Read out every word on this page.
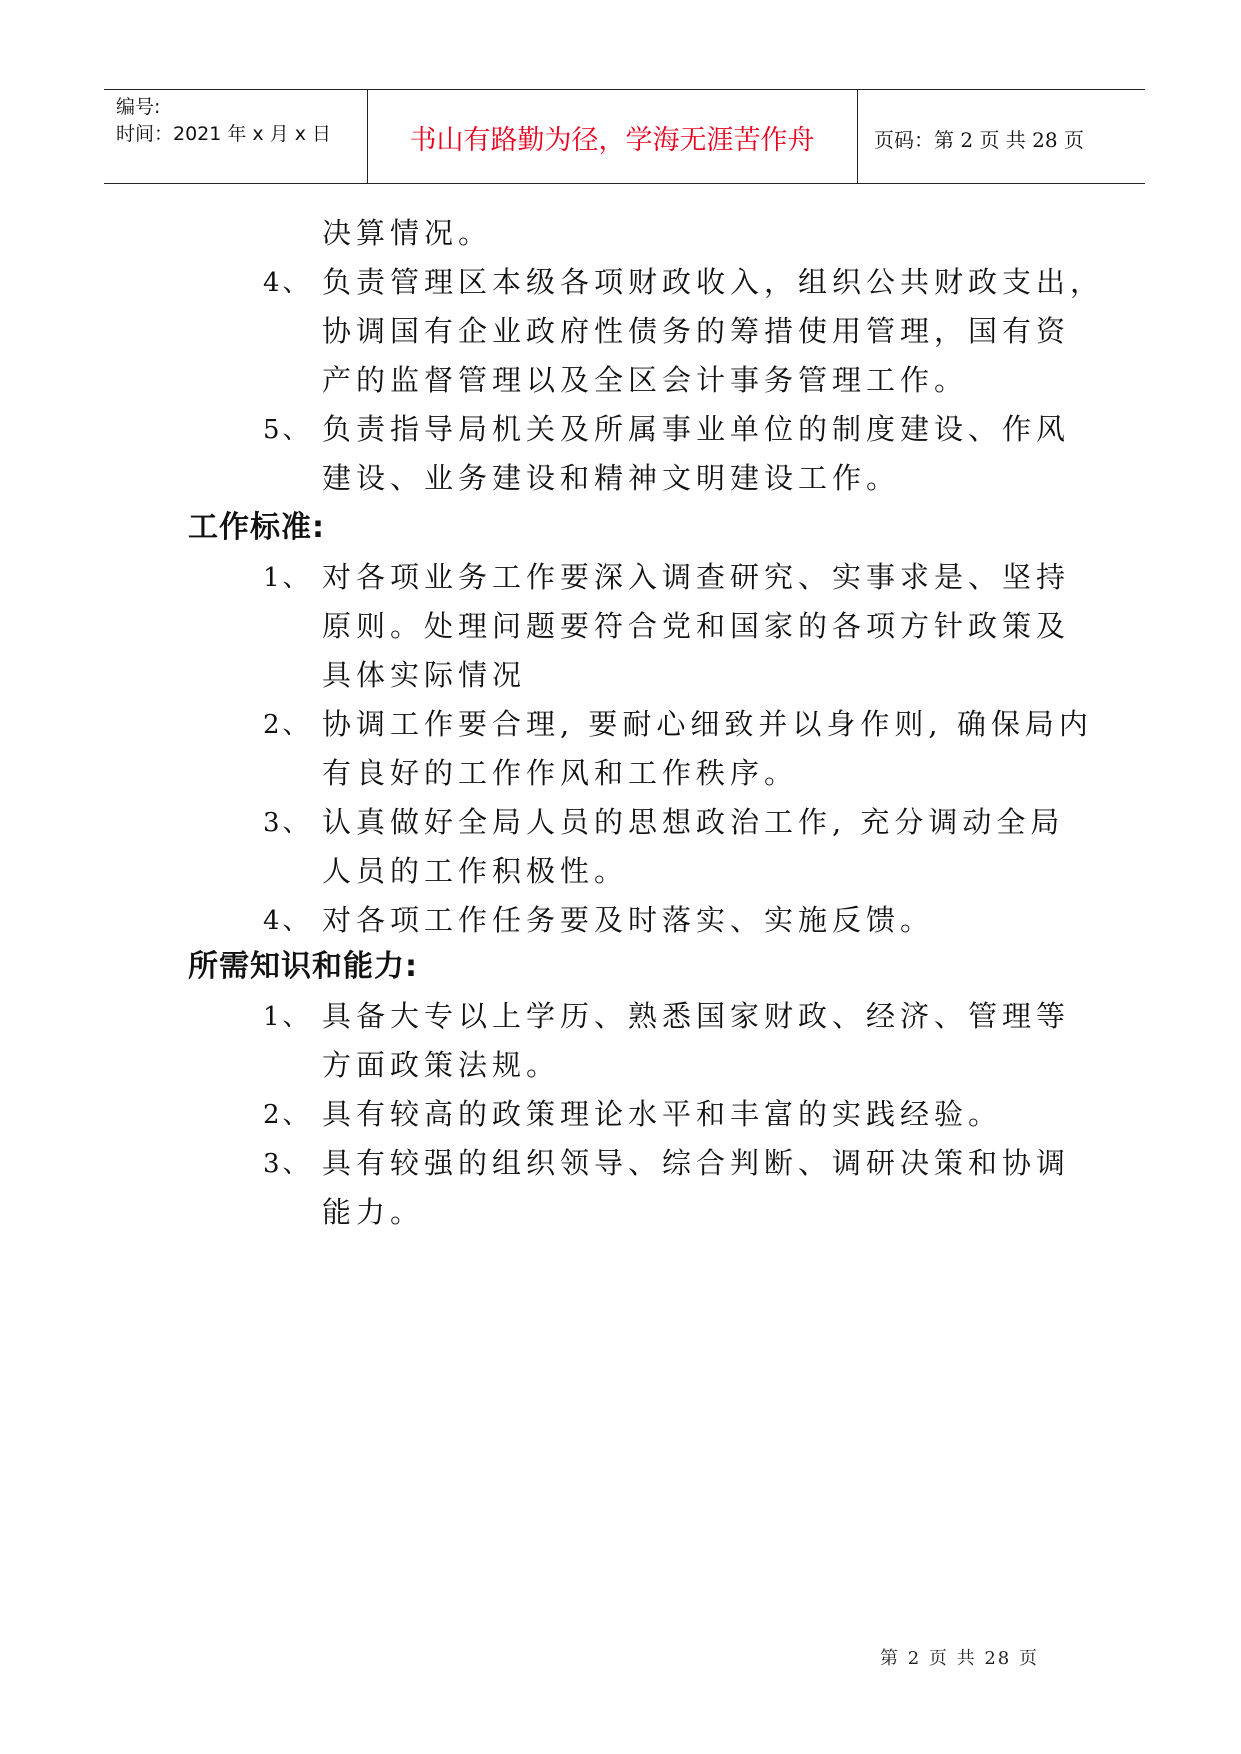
编号:
时间：2021 年 x 月 x 日	书山有路勤为径，学海无涯苦作舟	页码：第 2 页 共 28 页
决算情况。
4、 负责管理区本级各项财政收入，组织公共财政支出，
协调国有企业政府性债务的筹措使用管理，国有资
产的监督管理以及全区会计事务管理工作。
5、 负责指导局机关及所属事业单位的制度建设、作风
建设、业务建设和精神文明建设工作。
工作标准:
1、 对各项业务工作要深入调查研究、实事求是、坚持
原则。处理问题要符合党和国家的各项方针政策及
具体实际情况
2、 协调工作要合理, 要耐心细致并以身作则, 确保局内
有良好的工作作风和工作秩序。
3、 认真做好全局人员的思想政治工作, 充分调动全局
人员的工作积极性。
4、 对各项工作任务要及时落实、实施反馈。
所需知识和能力:
1、 具备大专以上学历、熟悉国家财政、经济、管理等
方面政策法规。
2、 具有较高的政策理论水平和丰富的实践经验。
3、 具有较强的组织领导、综合判断、调研决策和协调
能力。
第 2 页 共 28 页
